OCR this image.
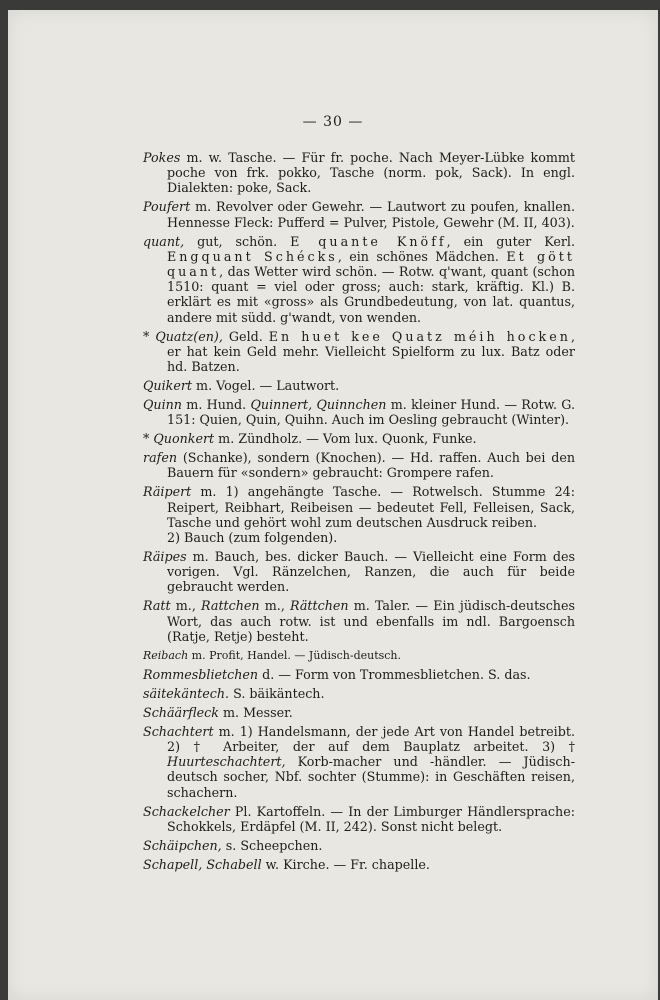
— 30 —

Pokes m. w. Tasche. — Für fr. poche. Nach Meyer-Lübke kommt poche von frk. pokko, Tasche (norm. pok, Sack). In engl. Dialekten: poke, Sack.

Poufert m. Revolver oder Gewehr. — Lautwort zu poufen, knallen. Hennesse Fleck: Pufferd = Pulver, Pistole, Gewehr (M. II, 403).

quant, gut, schön. E quante Knöff, ein guter Kerl. Engquant Schécks, ein schönes Mädchen. Et gött quant, das Wetter wird schön. — Rotw. q'want, quant (schon 1510: quant = viel oder gross; auch: stark, kräftig. Kl.) B. erklärt es mit «gross» als Grundbedeutung, von lat. quantus, andere mit südd. g'wandt, von wenden.

* Quatz(en), Geld. En huet kee Quatz méih hocken, er hat kein Geld mehr. Vielleicht Spielform zu lux. Batz oder hd. Batzen.

Quikert m. Vogel. — Lautwort.

Quinn m. Hund. Quinnert, Quinnchen m. kleiner Hund. — Rotw. G. 151: Quien, Quin, Quihn. Auch im Oesling gebraucht (Winter).

* Quonkert m. Zündholz. — Vom lux. Quonk, Funke.

rafen (Schanke), sondern (Knochen). — Hd. raffen. Auch bei den Bauern für «sondern» gebraucht: Grompere rafen.

Räipert m. 1) angehängte Tasche. — Rotwelsch. Stumme 24: Reipert, Reibhart, Reibeisen — bedeutet Fell, Felleisen, Sack, Tasche und gehört wohl zum deutschen Ausdruck reiben.
2) Bauch (zum folgenden).

Räipes m. Bauch, bes. dicker Bauch. — Vielleicht eine Form des vorigen. Vgl. Ränzelchen, Ranzen, die auch für beide gebraucht werden.

Ratt m., Rattchen m., Rättchen m. Taler. — Ein jüdisch-deutsches Wort, das auch rotw. ist und ebenfalls im ndl. Bargoensch (Ratje, Retje) besteht.

Reibach m. Profit, Handel. — Jüdisch-deutsch.

Rommesblietchen d. — Form von Trommesblietchen. S. das.

säitekäntech. S. bäikäntech.

Schäärfleck m. Messer.

Schachtert m. 1) Handelsmann, der jede Art von Handel betreibt. 2) † Arbeiter, der auf dem Bauplatz arbeitet. 3) † Huurteschachtert, Korb-macher und -händler. — Jüdisch-deutsch socher, Nbf. sochter (Stumme): in Geschäften reisen, schachern.

Schackelcher Pl. Kartoffeln. — In der Limburger Händlersprache: Schokkels, Erdäpfel (M. II, 242). Sonst nicht belegt.

Schäipchen, s. Scheepchen.

Schapell, Schabell w. Kirche. — Fr. chapelle.
